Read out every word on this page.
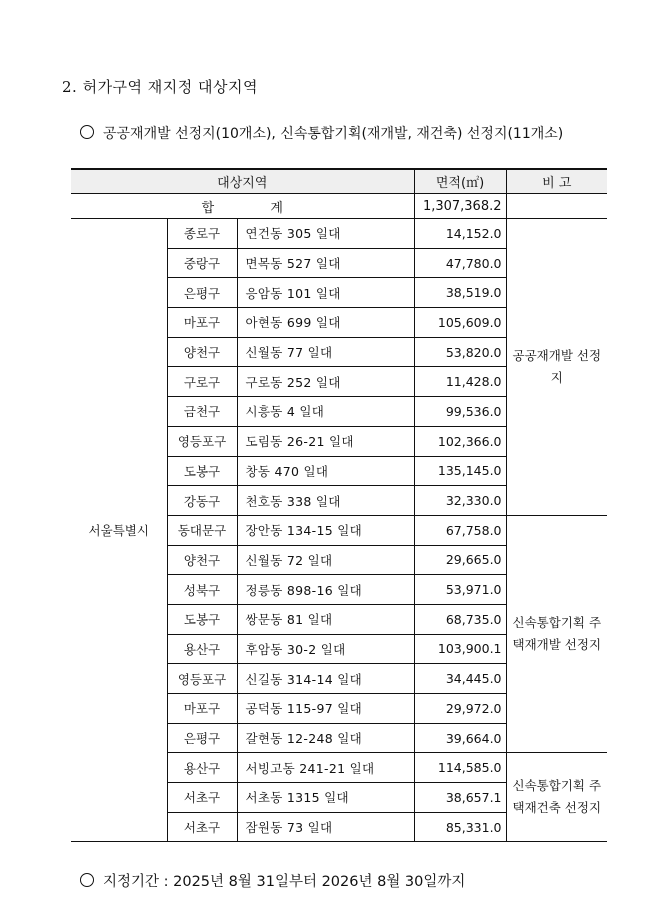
2. 허가구역 재지정 대상지역
공공재개발 선정지(10개소), 신속통합기획(재개발, 재건축) 선정지(11개소)
대상지역			면적(㎡)	비 고
합 계			1,307,368.2	
서울특별시	종로구	연건동 305 일대	14,152.0	공공재개발 선정지
	중랑구	면목동 527 일대	47,780.0	
	은평구	응암동 101 일대	38,519.0	
	마포구	아현동 699 일대	105,609.0	
	양천구	신월동 77 일대	53,820.0	
	구로구	구로동 252 일대	11,428.0	
	금천구	시흥동 4 일대	99,536.0	
	영등포구	도림동 26-21 일대	102,366.0	
	도봉구	창동 470 일대	135,145.0	
	강동구	천호동 338 일대	32,330.0	
	동대문구	장안동 134-15 일대	67,758.0	신속통합기획 주택재개발 선정지
	양천구	신월동 72 일대	29,665.0	
	성북구	정릉동 898-16 일대	53,971.0	
	도봉구	쌍문동 81 일대	68,735.0	
	용산구	후암동 30-2 일대	103,900.1	
	영등포구	신길동 314-14 일대	34,445.0	
	마포구	공덕동 115-97 일대	29,972.0	
	은평구	갈현동 12-248 일대	39,664.0	
	용산구	서빙고동 241-21 일대	114,585.0	신속통합기획 주택재건축 선정지
	서초구	서초동 1315 일대	38,657.1	
	서초구	잠원동 73 일대	85,331.0	
지정기간 : 2025년 8월 31일부터 2026년 8월 30일까지
